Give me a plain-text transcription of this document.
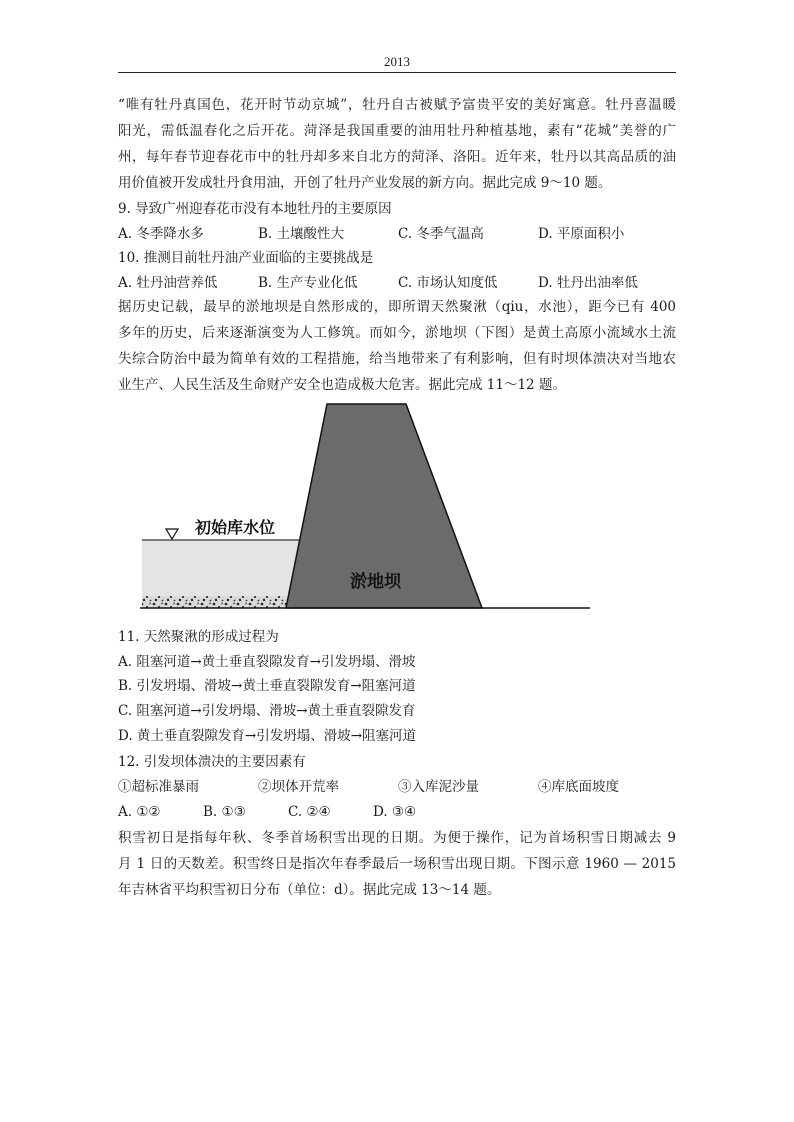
2013

“唯有牡丹真国色，花开时节动京城”，牡丹自古被赋予富贵平安的美好寓意。牡丹喜温暖

阳光，需低温春化之后开花。菏泽是我国重要的油用牡丹种植基地，素有“花城”美誉的广

州，每年春节迎春花市中的牡丹却多来自北方的菏泽、洛阳。近年来，牡丹以其高品质的油

用价值被开发成牡丹食用油，开创了牡丹产业发展的新方向。据此完成 9～10 题。

9. 导致广州迎春花市没有本地牡丹的主要原因
A. 冬季降水多	B. 土壤酸性大	C. 冬季气温高	D. 平原面积小
10. 推测目前牡丹油产业面临的主要挑战是
A. 牡丹油营养低	B. 生产专业化低	C. 市场认知度低	D. 牡丹出油率低

据历史记载，最早的淤地坝是自然形成的，即所谓天然聚湫（qiu，水池），距今已有 400

多年的历史，后来逐渐演变为人工修筑。而如今，淤地坝（下图）是黄土高原小流域水土流

失综合防治中最为简单有效的工程措施，给当地带来了有利影响，但有时坝体溃决对当地农

业生产、人民生活及生命财产安全也造成极大危害。据此完成 11～12 题。

初始库水位
淤地坝
11. 天然聚湫的形成过程为
A. 阻塞河道→黄土垂直裂隙发育→引发坍塌、滑坡
B. 引发坍塌、滑坡→黄土垂直裂隙发育→阻塞河道
C. 阻塞河道→引发坍塌、滑坡→黄土垂直裂隙发育
D. 黄土垂直裂隙发育→引发坍塌、滑坡→阻塞河道
12. 引发坝体溃决的主要因素有
①超标准暴雨	②坝体开荒率	③入库泥沙量	④库底面坡度
A. ①②	B. ①③	C. ②④	D. ③④

积雪初日是指每年秋、冬季首场积雪出现的日期。为便于操作，记为首场积雪日期减去 9

月 1 日的天数差。积雪终日是指次年春季最后一场积雪出现日期。下图示意 1960 — 2015

年吉林省平均积雪初日分布（单位：d）。据此完成 13～14 题。
